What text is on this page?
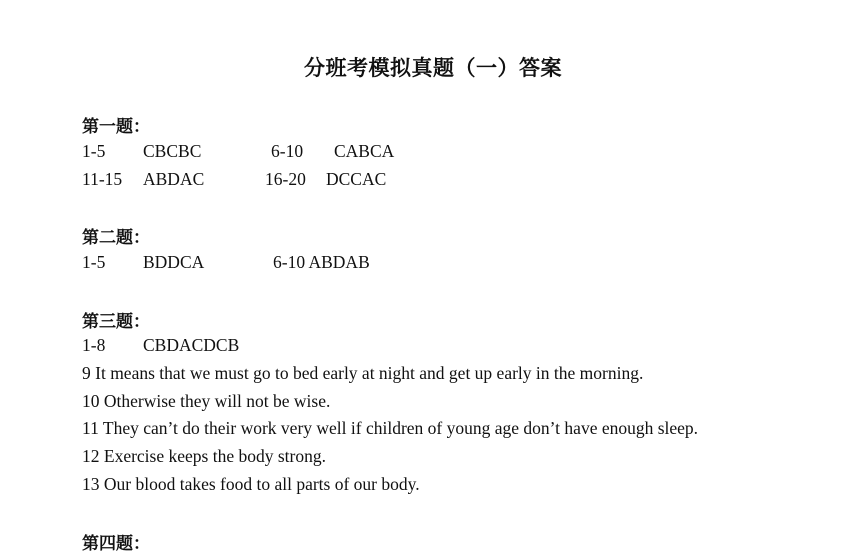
分班考模拟真题（一）答案
第一题：
1-5 CBCBC	6-10 CABCA
11-15 ABDAC	16-20 DCCAC
第二题：
1-5 BDDCA	6-10 ABDAB
第三题：
1-8 CBDACDCB
9 It means that we must go to bed early at night and get up early in the morning.
10 Otherwise they will not be wise.
11 They can’t do their work very well if children of young age don’t have enough sleep.
12 Exercise keeps the body strong.
13 Our blood takes food to all parts of our body.
第四题：
